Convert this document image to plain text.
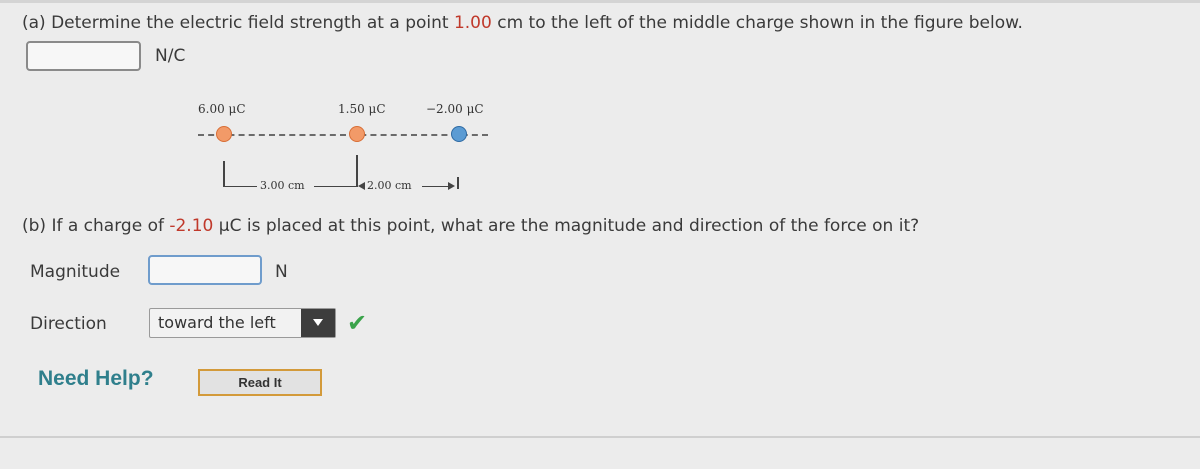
(a) Determine the electric field strength at a point 1.00 cm to the left of the middle charge shown in the figure below.
N/C
6.00 μC	1.50 μC	−2.00 μC
3.00 cm	2.00 cm
(b) If a charge of -2.10 μC is placed at this point, what are the magnitude and direction of the force on it?
Magnitude	N
Direction	toward the left	✔
Need Help?	Read It
